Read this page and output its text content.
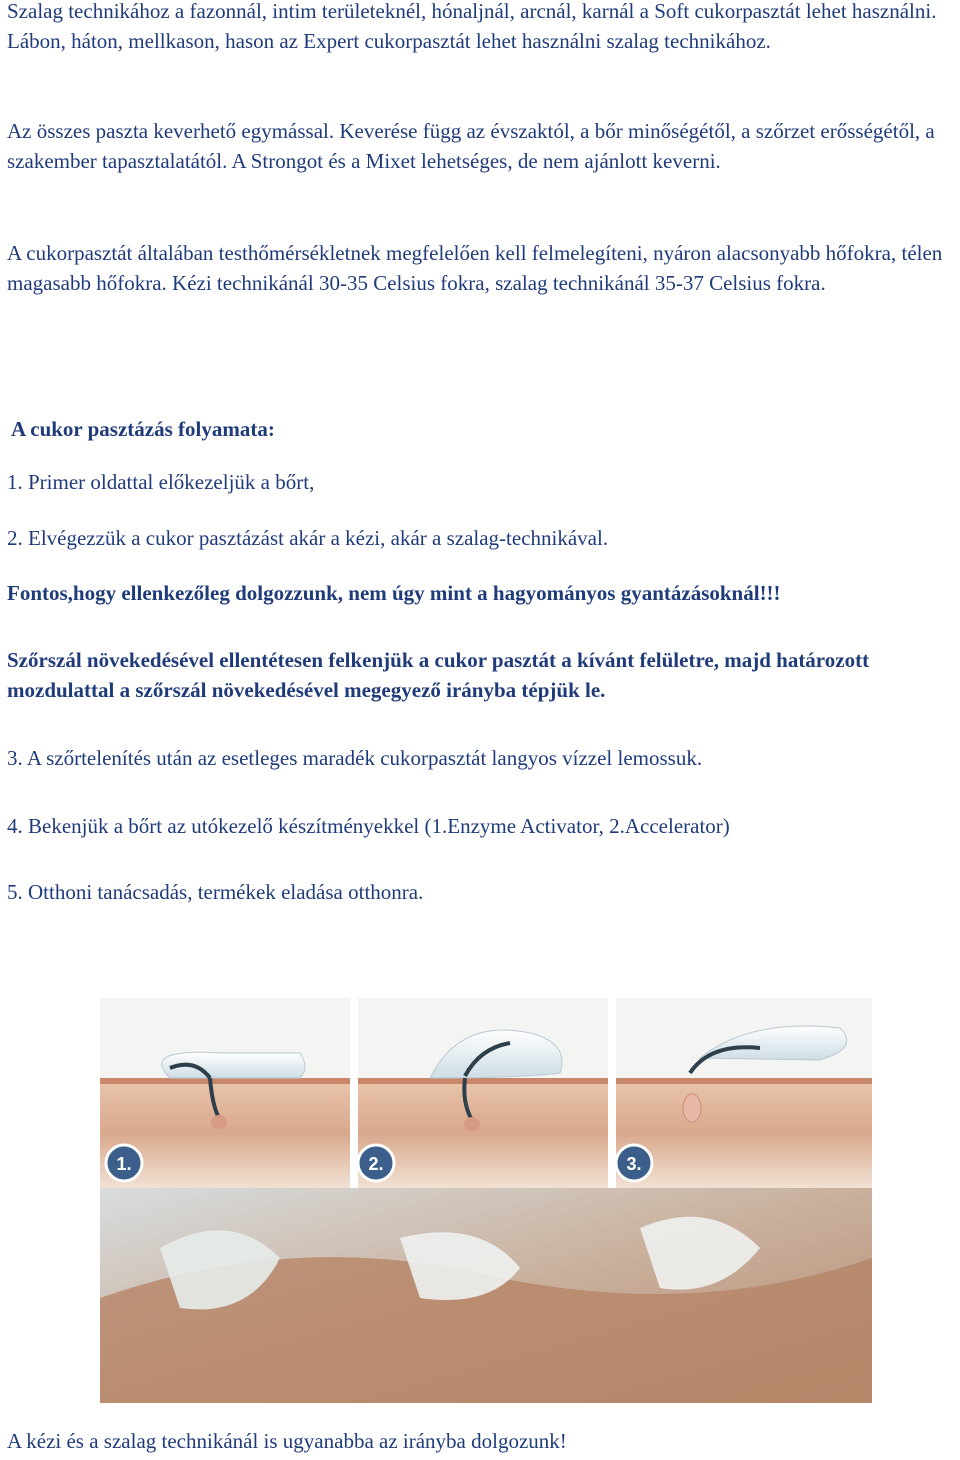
Szalag technikához a fazonnál, intim területeknél, hónaljnál, arcnál, karnál a Soft cukorpasztát lehet használni. Lábon, háton, mellkason, hason az Expert cukorpasztát lehet használni szalag technikához.

Az összes paszta keverhető egymással. Keverése függ az évszaktól, a bőr minőségétől, a szőrzet erősségétől, a szakember tapasztalatától. A Strongot és a Mixet lehetséges, de nem ajánlott keverni.

A cukorpasztát általában testhőmérsékletnek megfelelően kell felmelegíteni, nyáron alacsonyabb hőfokra, télen magasabb hőfokra. Kézi technikánál 30-35 Celsius fokra, szalag technikánál 35-37 Celsius fokra.

A cukor pasztázás folyamata:

1. Primer oldattal előkezeljük a bőrt,

2. Elvégezzük a cukor pasztázást akár a kézi, akár a szalag-technikával.

Fontos,hogy ellenkezőleg dolgozzunk, nem úgy mint a hagyományos gyantázásoknál!!!

Szőrszál növekedésével ellentétesen felkenjük a cukor pasztát a kívánt felületre, majd határozott mozdulattal a szőrszál növekedésével megegyező irányba tépjük le.

3. A szőrtelenítés után az esetleges maradék cukorpasztát langyos vízzel lemossuk.

4. Bekenjük a bőrt az utókezelő készítményekkel (1.Enzyme Activator, 2.Accelerator)

5. Otthoni tanácsadás, termékek eladása otthonra.

1.	2.	3.

A kézi és a szalag technikánál is ugyanabba az irányba dolgozunk!
